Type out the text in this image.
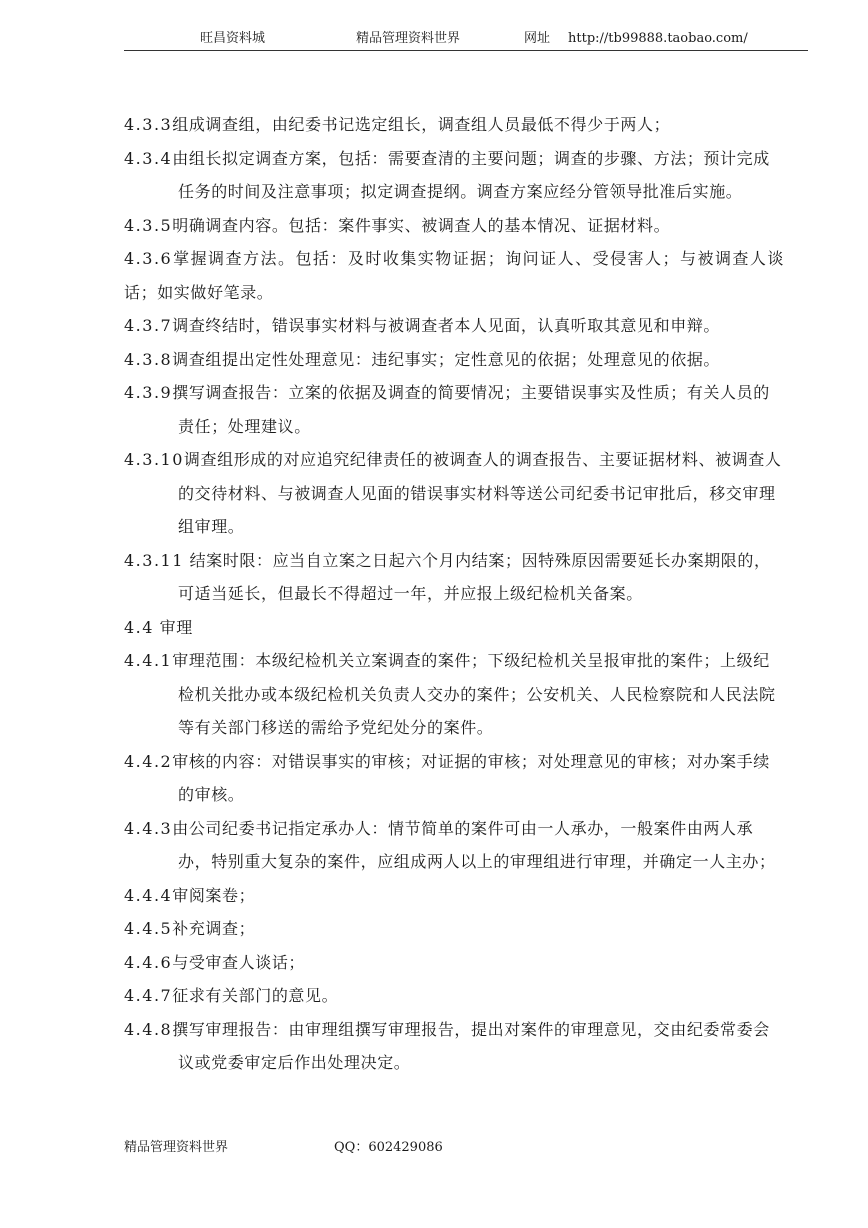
旺昌资料城	精品管理资料世界	网址 http://tb99888.taobao.com/
4.3.3组成调查组，由纪委书记选定组长，调查组人员最低不得少于两人；
4.3.4由组长拟定调查方案，包括：需要查清的主要问题；调查的步骤、方法；预计完成任务的时间及注意事项；拟定调查提纲。调查方案应经分管领导批准后实施。
4.3.5明确调查内容。包括：案件事实、被调查人的基本情况、证据材料。
4.3.6掌握调查方法。包括：及时收集实物证据；询问证人、受侵害人；与被调查人谈话；如实做好笔录。
4.3.7调查终结时，错误事实材料与被调查者本人见面，认真听取其意见和申辩。
4.3.8调查组提出定性处理意见：违纪事实；定性意见的依据；处理意见的依据。
4.3.9撰写调查报告：立案的依据及调查的简要情况；主要错误事实及性质；有关人员的责任；处理建议。
4.3.10调查组形成的对应追究纪律责任的被调查人的调查报告、主要证据材料、被调查人的交待材料、与被调查人见面的错误事实材料等送公司纪委书记审批后，移交审理组审理。
4.3.11 结案时限：应当自立案之日起六个月内结案；因特殊原因需要延长办案期限的，可适当延长，但最长不得超过一年，并应报上级纪检机关备案。
4.4 审理
4.4.1审理范围：本级纪检机关立案调查的案件；下级纪检机关呈报审批的案件；上级纪检机关批办或本级纪检机关负责人交办的案件；公安机关、人民检察院和人民法院等有关部门移送的需给予党纪处分的案件。
4.4.2审核的内容：对错误事实的审核；对证据的审核；对处理意见的审核；对办案手续的审核。
4.4.3由公司纪委书记指定承办人：情节简单的案件可由一人承办，一般案件由两人承办，特别重大复杂的案件，应组成两人以上的审理组进行审理，并确定一人主办；
4.4.4审阅案卷；
4.4.5补充调查；
4.4.6与受审查人谈话；
4.4.7征求有关部门的意见。
4.4.8撰写审理报告：由审理组撰写审理报告，提出对案件的审理意见，交由纪委常委会议或党委审定后作出处理决定。
精品管理资料世界	QQ：602429086
